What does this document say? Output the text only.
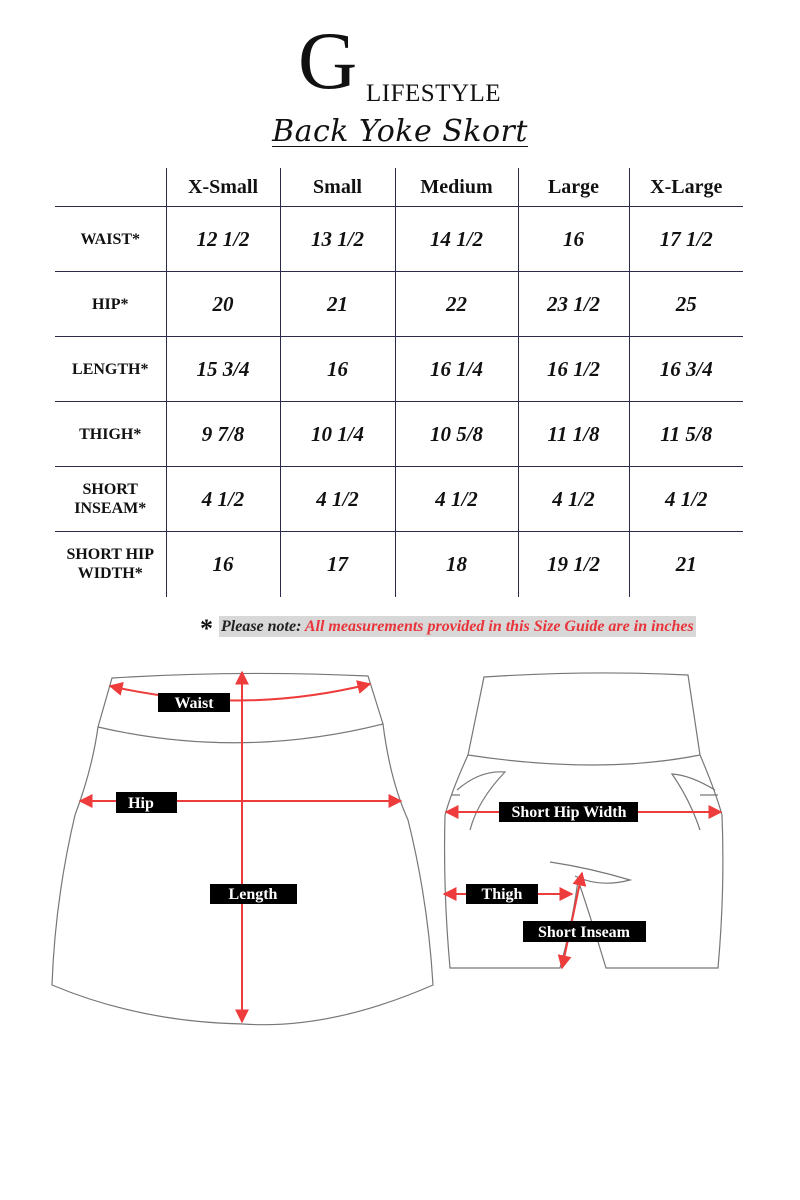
G LIFESTYLE
Back Yoke Skort
	X-Small	Small	Medium	Large	X-Large
WAIST*	12 1/2	13 1/2	14 1/2	16	17 1/2
HIP*	20	21	22	23 1/2	25
LENGTH*	15 3/4	16	16 1/4	16 1/2	16 3/4
THIGH*	9 7/8	10 1/4	10 5/8	11 1/8	11 5/8
SHORT
INSEAM*	4 1/2	4 1/2	4 1/2	4 1/2	4 1/2
SHORT HIP
WIDTH*	16	17	18	19 1/2	21
* Please note: All measurements provided in this Size Guide are in inches
Waist
Hip
Length
Short Hip Width
Thigh
Short Inseam
